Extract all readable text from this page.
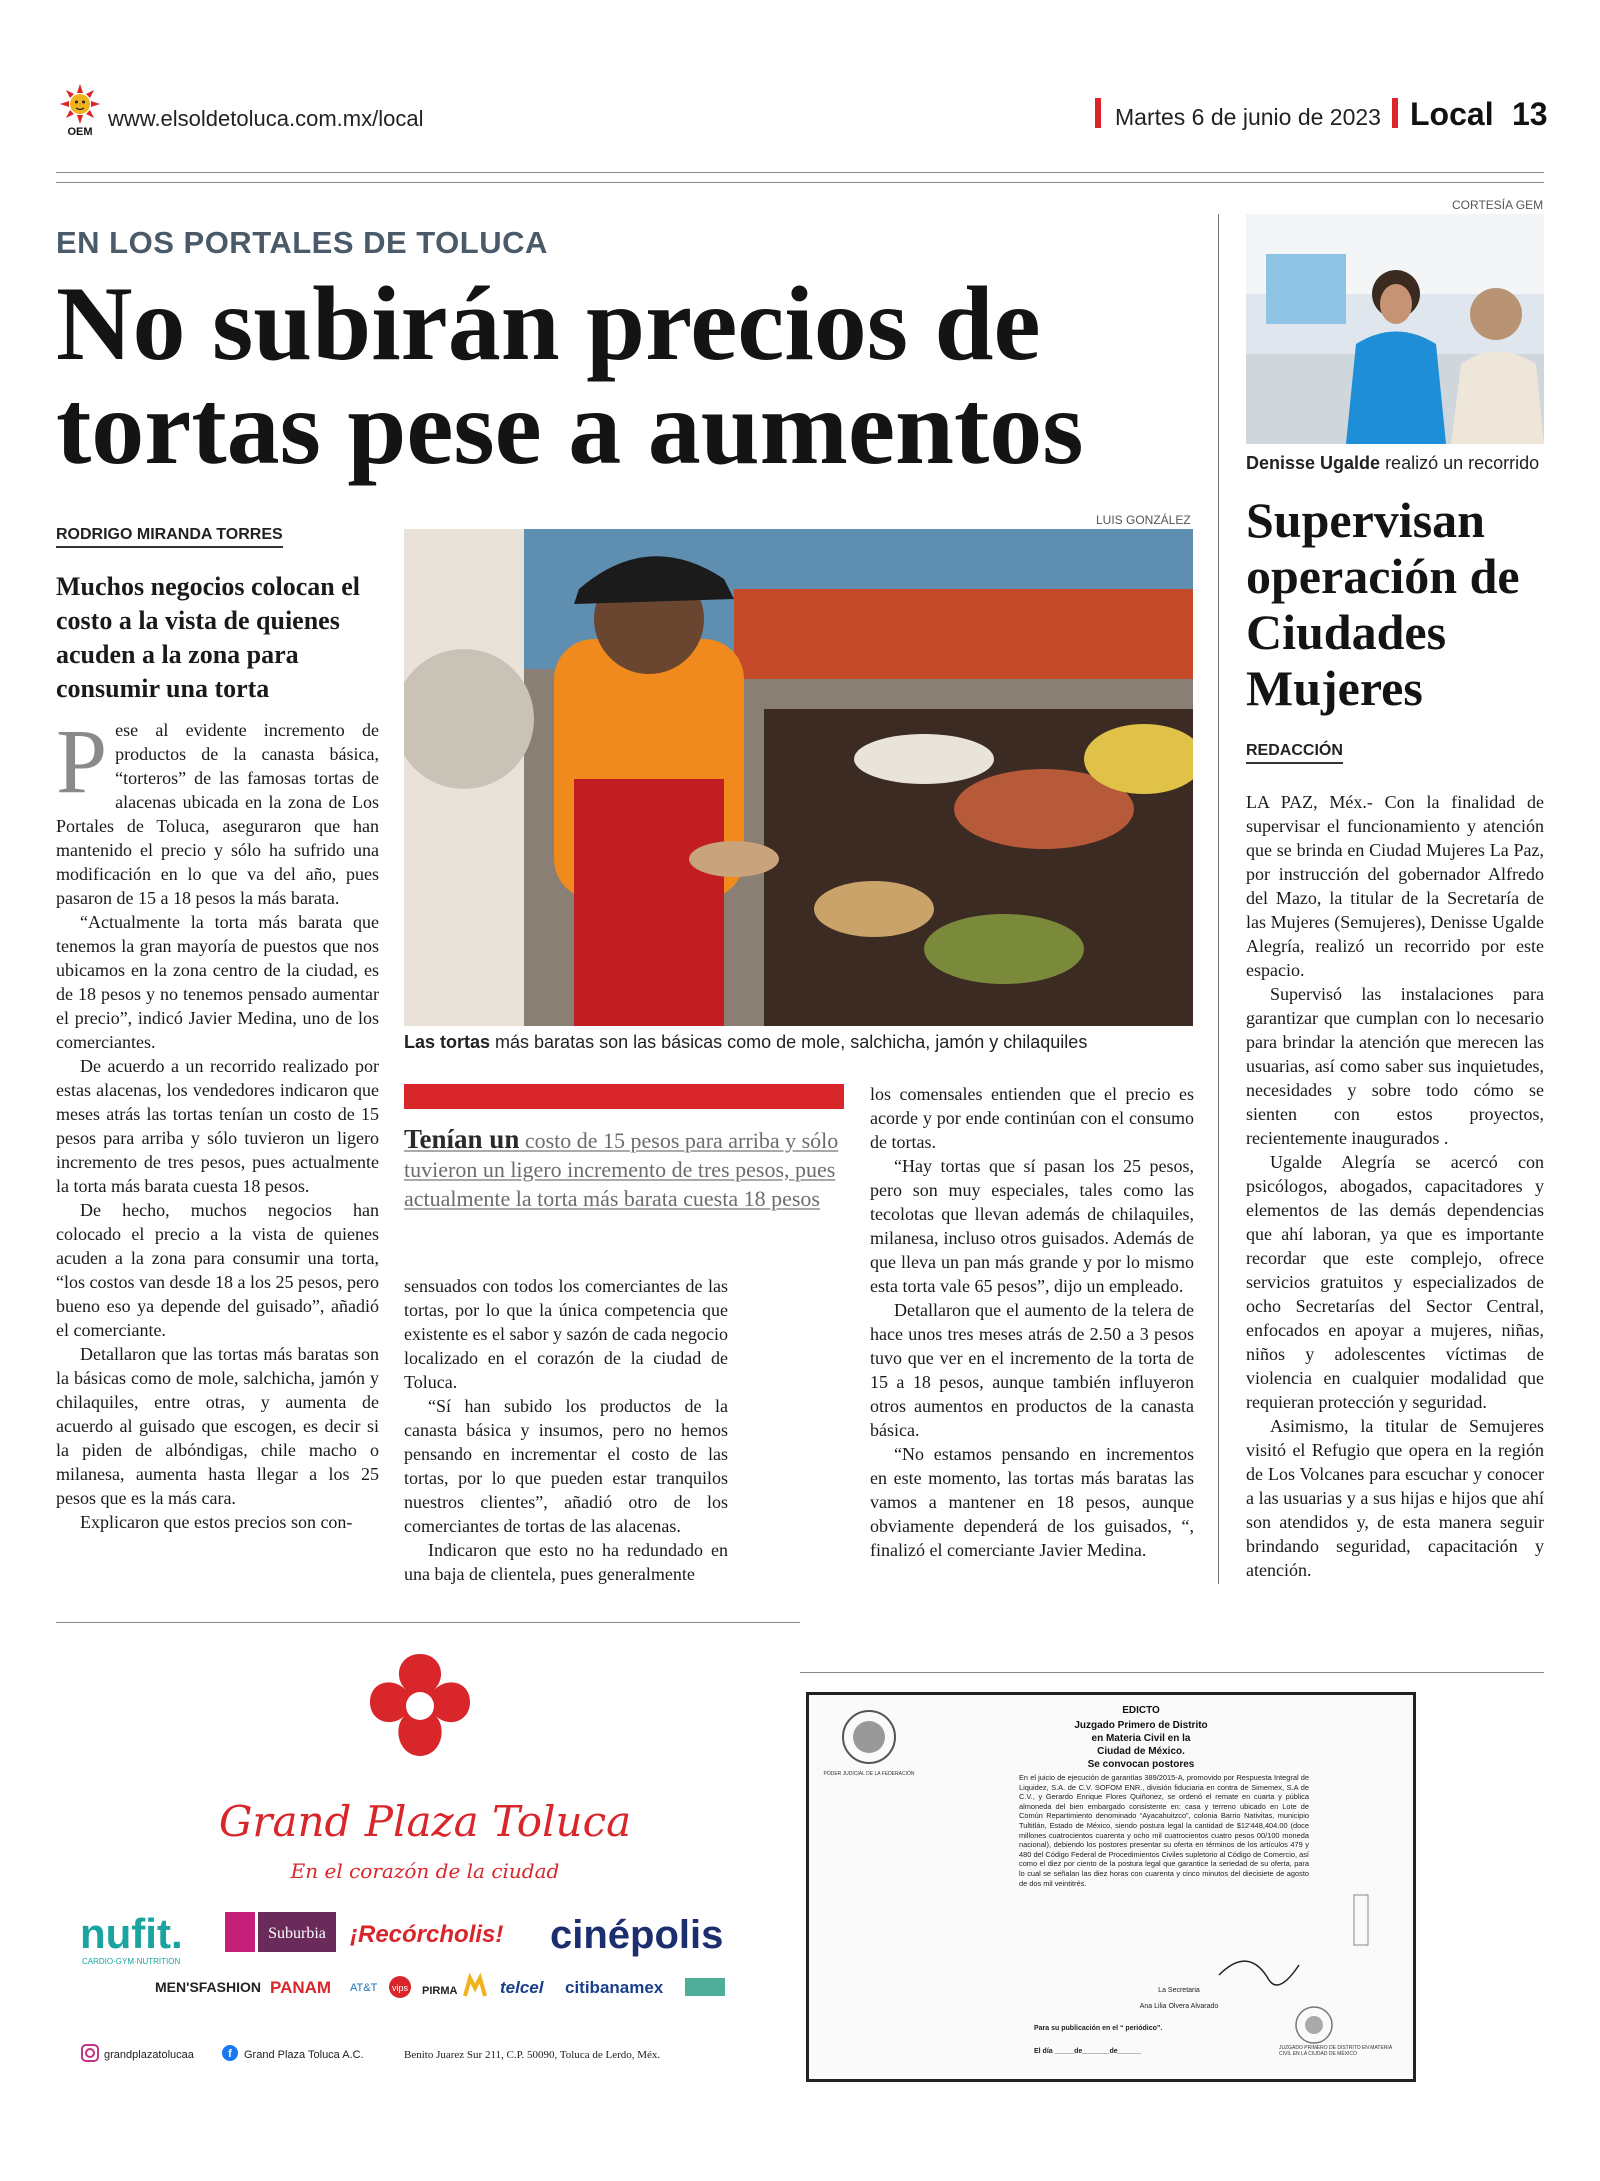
OEM
www.elsoldetoluca.com.mx/local	Martes 6 de junio de 2023 Local 13
EN LOS PORTALES DE TOLUCA
No subirán precios de
tortas pese a aumentos
RODRIGO MIRANDA TORRES
Muchos negocios colocan el costo a la vista de quienes acuden a la zona para consumir una torta
P ese al evidente incremento de productos de la canasta básica, “torteros” de las famosas tortas de alacenas ubicada en la zona de Los Portales de Toluca, aseguraron que han mantenido el precio y sólo ha sufrido una modificación en lo que va del año, pues pasaron de 15 a 18 pesos la más barata.

“Actualmente la torta más barata que tenemos la gran mayoría de puestos que nos ubicamos en la zona centro de la ciudad, es de 18 pesos y no tenemos pensado aumentar el precio”, indicó Javier Medina, uno de los comerciantes.

De acuerdo a un recorrido realizado por estas alacenas, los vendedores indicaron que meses atrás las tortas tenían un costo de 15 pesos para arriba y sólo tuvieron un ligero incremento de tres pesos, pues actualmente la torta más barata cuesta 18 pesos.

De hecho, muchos negocios han colocado el precio a la vista de quienes acuden a la zona para consumir una torta, “los costos van desde 18 a los 25 pesos, pero bueno eso ya depende del guisado”, añadió el comerciante.

Detallaron que las tortas más baratas son la básicas como de mole, salchicha, jamón y chilaquiles, entre otras, y aumenta de acuerdo al guisado que escogen, es decir si la piden de albóndigas, chile macho o milanesa, aumenta hasta llegar a los 25 pesos que es la más cara.

Explicaron que estos precios son con-

LUIS GONZÁLEZ
Las tortas más baratas son las básicas como de mole, salchicha, jamón y chilaquiles
Tenían un costo de 15 pesos para arriba y sólo tuvieron un ligero incremento de tres pesos, pues actualmente la torta más barata cuesta 18 pesos

sensuados con todos los comerciantes de las tortas, por lo que la única competencia que existente es el sabor y sazón de cada negocio localizado en el corazón de la ciudad de Toluca.

“Sí han subido los productos de la canasta básica y insumos, pero no hemos pensando en incrementar el costo de las tortas, por lo que pueden estar tranquilos nuestros clientes”, añadió otro de los comerciantes de tortas de las alacenas.

Indicaron que esto no ha redundado en una baja de clientela, pues generalmente

los comensales entienden que el precio es acorde y por ende continúan con el consumo de tortas.

“Hay tortas que sí pasan los 25 pesos, pero son muy especiales, tales como las tecolotas que llevan además de chilaquiles, milanesa, incluso otros guisados. Además de que lleva un pan más grande y por lo mismo esta torta vale 65 pesos”, dijo un empleado.

Detallaron que el aumento de la telera de hace unos tres meses atrás de 2.50 a 3 pesos tuvo que ver en el incremento de la torta de 15 a 18 pesos, aunque también influyeron otros aumentos en productos de la canasta básica.

“No estamos pensando en incrementos en este momento, las tortas más baratas las vamos a mantener en 18 pesos, aunque obviamente dependerá de los guisados, “, finalizó el comerciante Javier Medina.

CORTESÍA GEM
Denisse Ugalde realizó un recorrido
Supervisan operación de Ciudades Mujeres
REDACCIÓN

LA PAZ, Méx.- Con la finalidad de supervisar el funcionamiento y atención que se brinda en Ciudad Mujeres La Paz, por instrucción del gobernador Alfredo del Mazo, la titular de la Secretaría de las Mujeres (Semujeres), Denisse Ugalde Alegría, realizó un recorrido por este espacio.

Supervisó las instalaciones para garantizar que cumplan con lo necesario para brindar la atención que merecen las usuarias, así como saber sus inquietudes, necesidades y sobre todo cómo se sienten con estos proyectos, recientemente inaugurados .

Ugalde Alegría se acercó con psicólogos, abogados, capacitadores y elementos de las demás dependencias que ahí laboran, ya que es importante recordar que este complejo, ofrece servicios gratuitos y especializados de ocho Secretarías del Sector Central, enfocados en apoyar a mujeres, niñas, niños y adolescentes víctimas de violencia en cualquier modalidad que requieran protección y seguridad.

Asimismo, la titular de Semujeres visitó el Refugio que opera en la región de Los Volcanes para escuchar y conocer a las usuarias y a sus hijas e hijos que ahí son atendidos y, de esta manera seguir brindando seguridad, capacitación y atención.

Grand Plaza Toluca
En el corazón de la ciudad
nufit.
CARDIO·GYM·NUTRITION
Suburbia ¡Recórcholis! cinépolis
MEN'SFASHION PANAM AT&T vips PIRMA	telcel citibanamex
grandplazatolucaa	f Grand Plaza Toluca A.C.	Benito Juarez Sur 211, C.P. 50090, Toluca de Lerdo, Méx.
PODER JUDICIAL DE LA FEDERACIÓN
EDICTO
Juzgado Primero de Distrito
en Materia Civil en la
Ciudad de México.
Se convocan postores
La Secretaria
Ana Lilia Olvera Alvarado
Para su publicación en el “ periódico”.
El día _____de_______de______	JUZGADO PRIMERO DE DISTRITO EN MATERIA CIVIL EN LA CIUDAD DE MÉXICO
En el juicio de ejecución de garantías 389/2015-A, promovido por Respuesta Integral de Liquidez, S.A. de C.V. SOFOM ENR., división fiduciaria en contra de Simemex, S.A de C.V., y Gerardo Enrique Flores Quiñonez, se ordenó el remate en cuarta y pública almoneda del bien embargado consistente en: casa y terreno ubicado en Lote de Común Repartimiento denominado “Ayacahuitzco”, colonia Barrio Nativitas, municipio Tultitlán, Estado de México, siendo postura legal la cantidad de $12'448,404.00 (doce millones cuatrocientos cuarenta y ocho mil cuatrocientos cuatro pesos 00/100 moneda nacional), debiendo los postores presentar su oferta en términos de los artículos 479 y 480 del Código Federal de Procedimientos Civiles supletorio al Código de Comercio, así como el diez por ciento de la postura legal que garantice la seriedad de su oferta, para lo cual se señalan las diez horas con cuarenta y cinco minutos del diecisiete de agosto de dos mil veintitrés.
